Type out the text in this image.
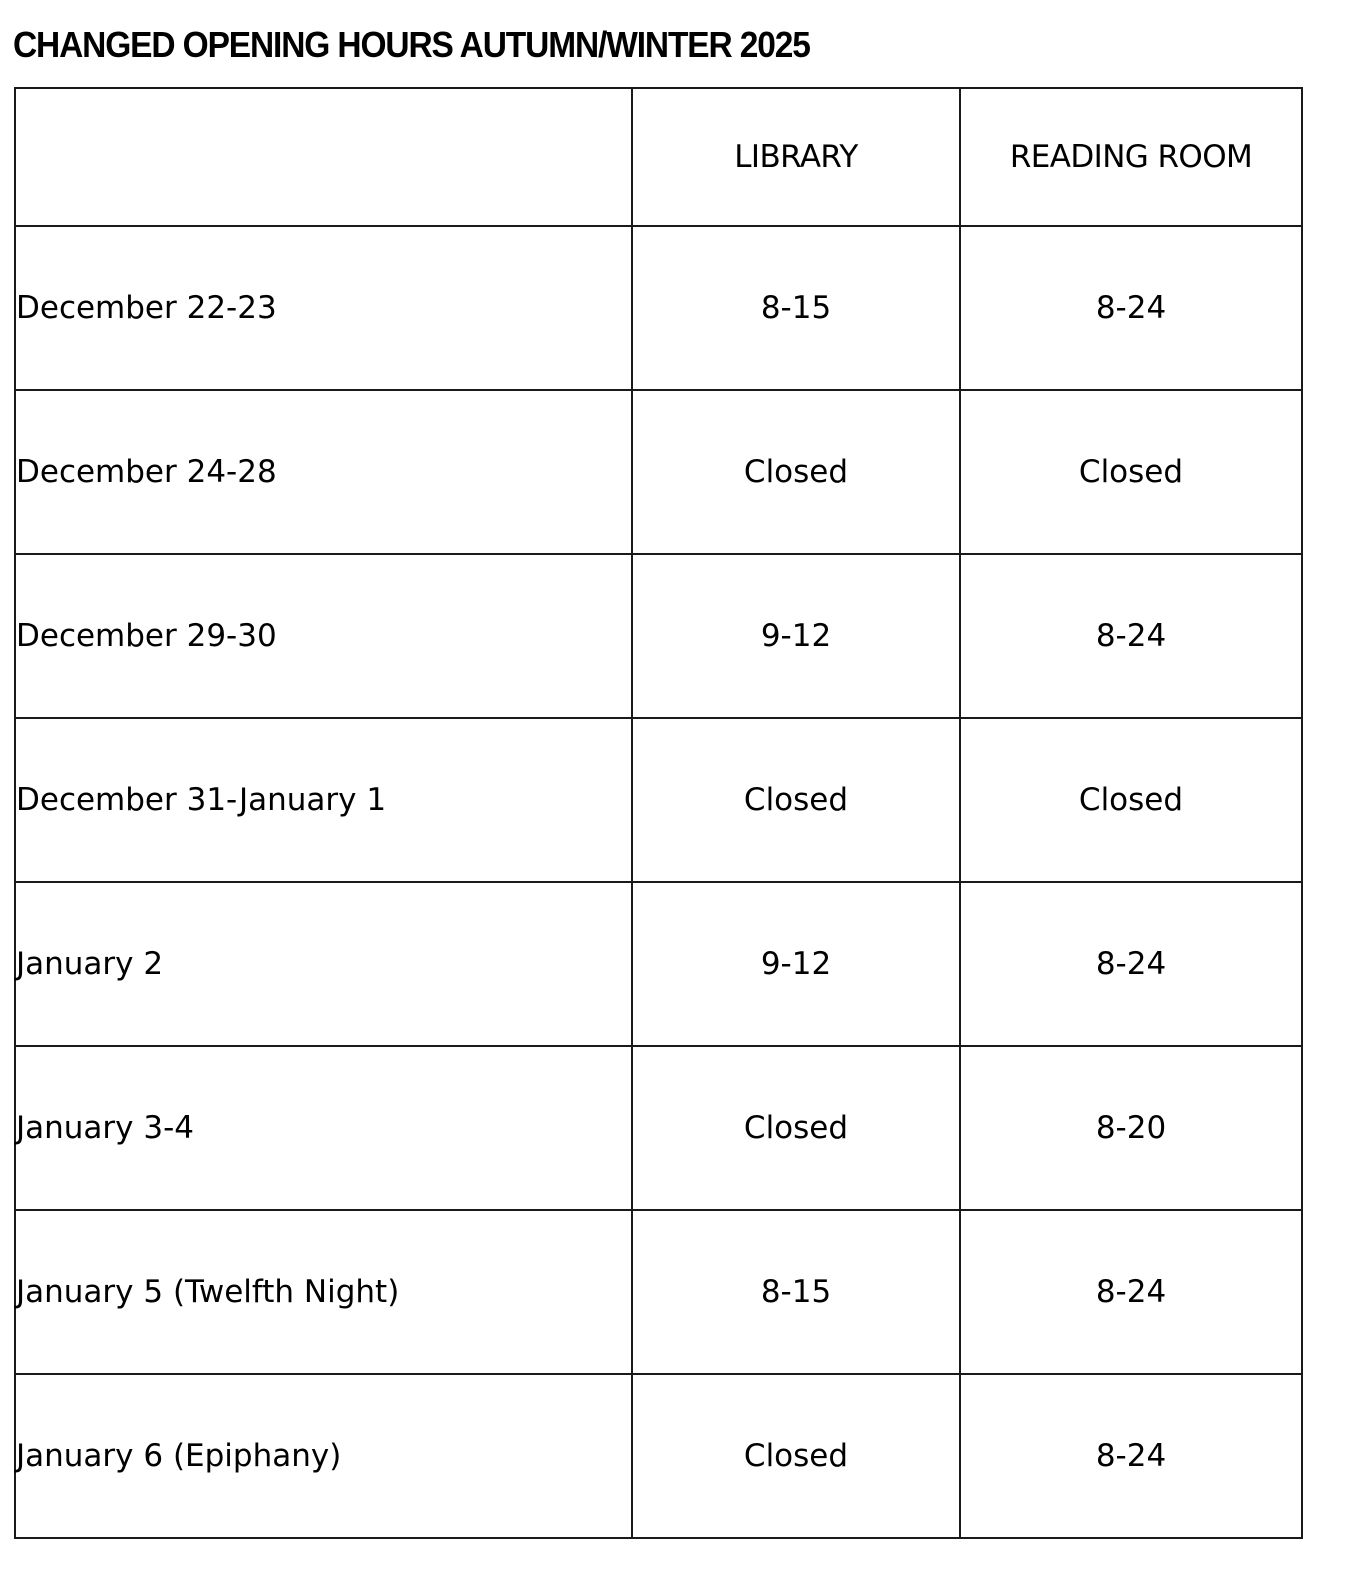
CHANGED OPENING HOURS AUTUMN/WINTER 2025
	LIBRARY	READING ROOM
December 22-23	8-15	8-24
December 24-28	Closed	Closed
December 29-30	9-12	8-24
December 31-January 1	Closed	Closed
January 2	9-12	8-24
January 3-4	Closed	8-20
January 5 (Twelfth Night)	8-15	8-24
January 6 (Epiphany)	Closed	8-24
